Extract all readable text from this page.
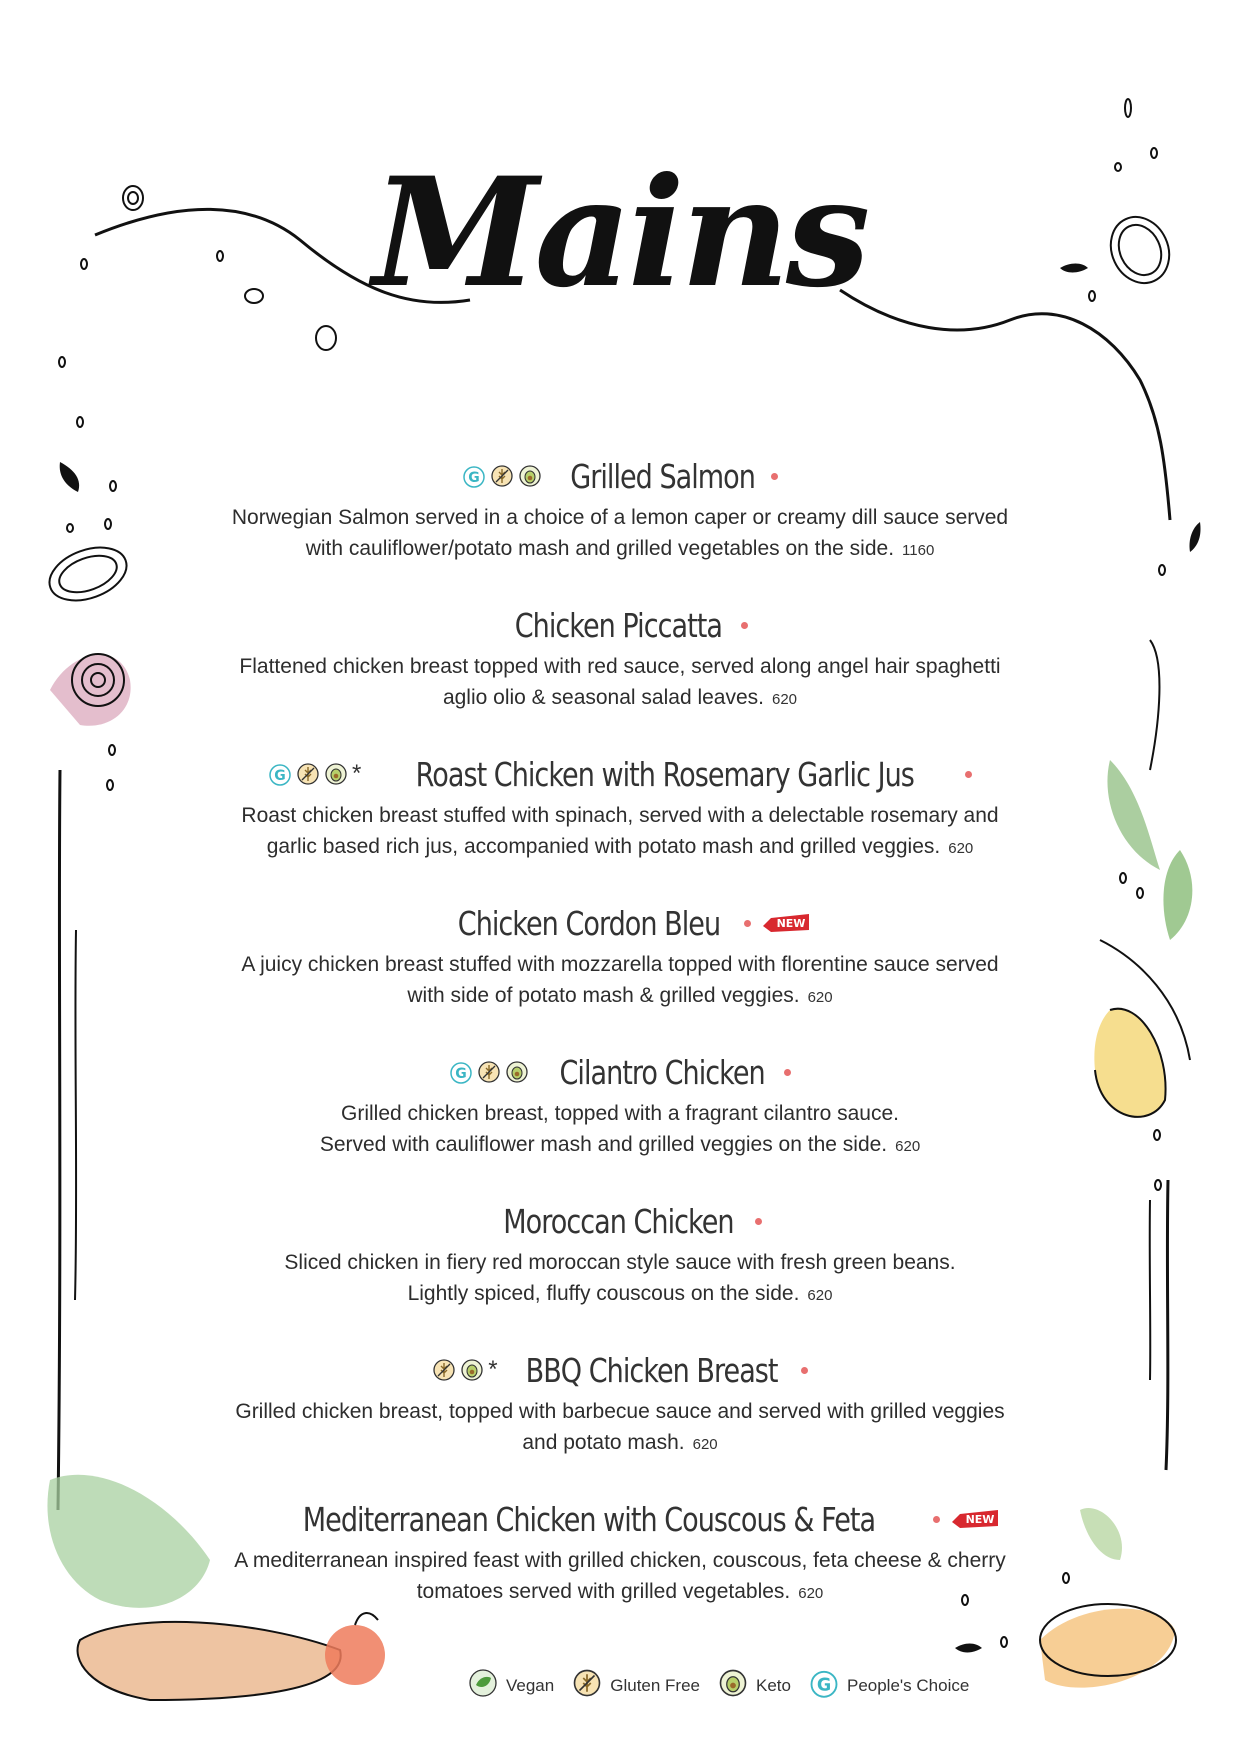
Mains
G	Grilled Salmon
Norwegian Salmon served in a choice of a lemon caper or creamy dill sauce served
with cauliflower/potato mash and grilled vegetables on the side. 1160
Chicken Piccatta
Flattened chicken breast topped with red sauce, served along angel hair spaghetti
aglio olio & seasonal salad leaves. 620
G	* Roast Chicken with Rosemary Garlic Jus
Roast chicken breast stuffed with spinach, served with a delectable rosemary and
garlic based rich jus, accompanied with potato mash and grilled veggies. 620
Chicken Cordon Bleu	NEW
A juicy chicken breast stuffed with mozzarella topped with florentine sauce served
with side of potato mash & grilled veggies. 620
G	Cilantro Chicken
Grilled chicken breast, topped with a fragrant cilantro sauce.
Served with cauliflower mash and grilled veggies on the side. 620
Moroccan Chicken
Sliced chicken in fiery red moroccan style sauce with fresh green beans.
Lightly spiced, fluffy couscous on the side. 620
* BBQ Chicken Breast
Grilled chicken breast, topped with barbecue sauce and served with grilled veggies
and potato mash. 620
Mediterranean Chicken with Couscous & Feta	NEW
A mediterranean inspired feast with grilled chicken, couscous, feta cheese & cherry
tomatoes served with grilled vegetables. 620
Vegan	Gluten Free	Keto G People's Choice
